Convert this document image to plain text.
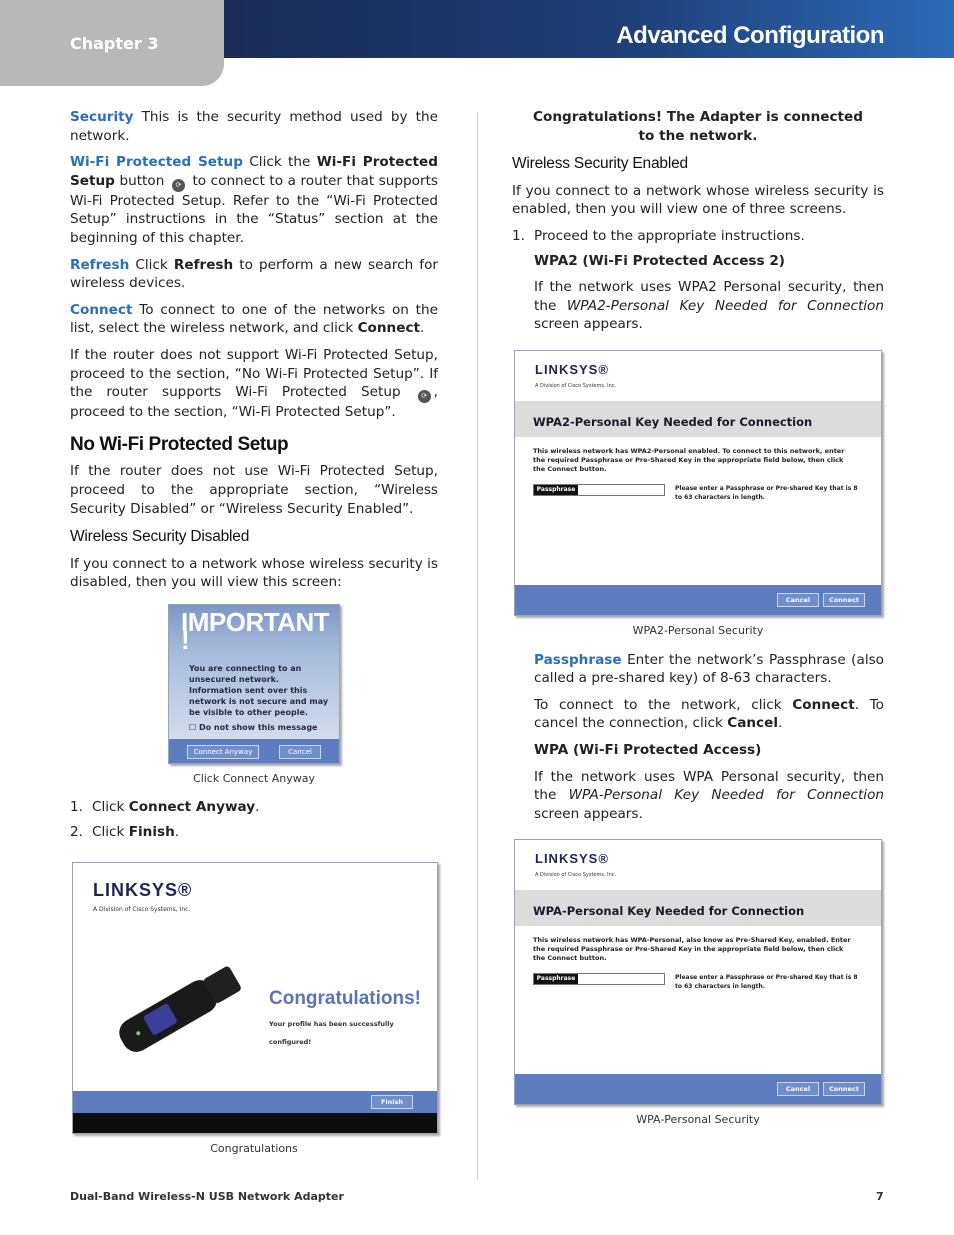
Chapter 3	Advanced Configuration

Security This is the security method used by the network.

Wi-Fi Protected Setup Click the Wi-Fi Protected Setup button ⟳ to connect to a router that supports Wi-Fi Protected Setup. Refer to the “Wi-Fi Protected Setup” instructions in the “Status” section at the beginning of this chapter.

Refresh Click Refresh to perform a new search for wireless devices.

Connect To connect to one of the networks on the list, select the wireless network, and click Connect.

If the router does not support Wi-Fi Protected Setup, proceed to the section, “No Wi-Fi Protected Setup”. If the router supports Wi-Fi Protected Setup ⟳ , proceed to the section, “Wi-Fi Protected Setup”.

No Wi-Fi Protected Setup

If the router does not use Wi-Fi Protected Setup, proceed to the appropriate section, “Wireless Security Disabled” or “Wireless Security Enabled”.

Wireless Security Disabled

If you connect to a network whose wireless security is disabled, then you will view this screen:

IMPORTANT !
You are connecting to an unsecured network. Information sent over this network is not secure and may be visible to other people.
☐ Do not show this message
Connect Anyway	Cancel
Click Connect Anyway
1. Click Connect Anyway.
2. Click Finish.
LINKSYS®
A Division of Cisco Systems, Inc.
Congratulations!
Your profile has been successfully configured!
Finish
Congratulations

Congratulations! The Adapter is connected to the network.

Wireless Security Enabled

If you connect to a network whose wireless security is enabled, then you will view one of three screens.

1. Proceed to the appropriate instructions.

WPA2 (Wi-Fi Protected Access 2)

If the network uses WPA2 Personal security, then the WPA2-Personal Key Needed for Connection screen appears.

LINKSYS®
A Division of Cisco Systems, Inc.
WPA2-Personal Key Needed for Connection
This wireless network has WPA2-Personal enabled. To connect to this network, enter the required Passphrase or Pre-Shared Key in the appropriate field below, then click the Connect button.
Passphrase	Please enter a Passphrase or Pre-shared Key that is 8 to 63 characters in length.
Cancel	Connect
WPA2-Personal Security

Passphrase Enter the network’s Passphrase (also called a pre-shared key) of 8-63 characters.

To connect to the network, click Connect. To cancel the connection, click Cancel.

WPA (Wi-Fi Protected Access)

If the network uses WPA Personal security, then the WPA-Personal Key Needed for Connection screen appears.

LINKSYS®
A Division of Cisco Systems, Inc.
WPA-Personal Key Needed for Connection
This wireless network has WPA-Personal, also know as Pre-Shared Key, enabled. Enter the required Passphrase or Pre-Shared Key in the appropriate field below, then click the Connect button.
Passphrase	Please enter a Passphrase or Pre-shared Key that is 8 to 63 characters in length.
Cancel	Connect
WPA-Personal Security
Dual-Band Wireless-N USB Network Adapter	7
